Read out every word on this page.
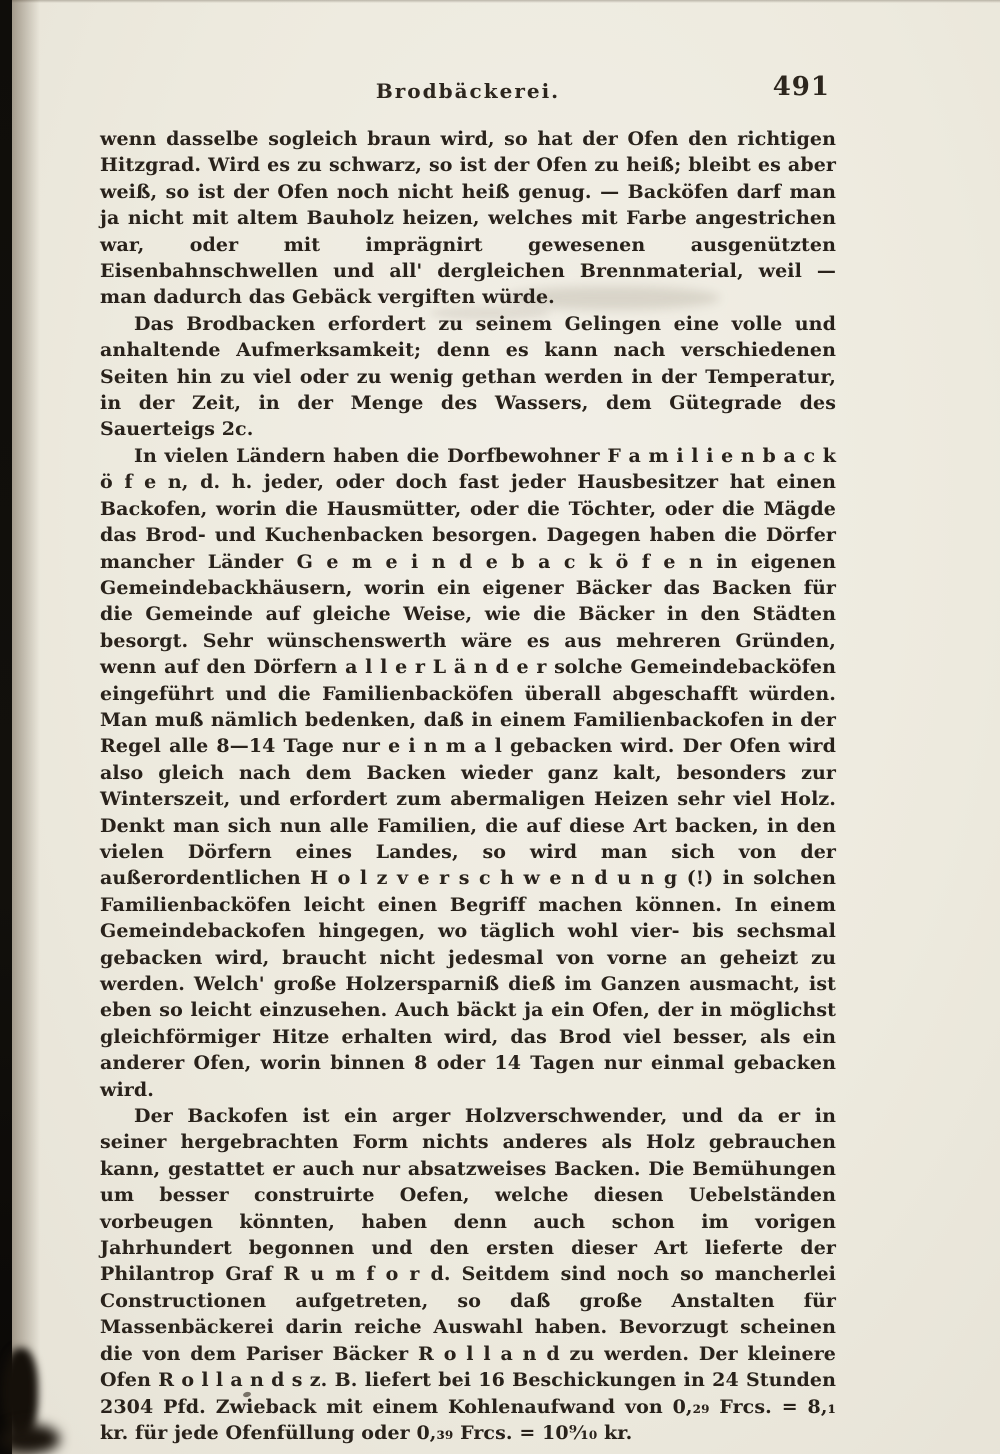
Brodbäckerei.	491

wenn dasselbe sogleich braun wird, so hat der Ofen den richtigen Hitzgrad. Wird es zu schwarz, so ist der Ofen zu heiß; bleibt es aber weiß, so ist der Ofen noch nicht heiß genug. — Backöfen darf man ja nicht mit altem Bauholz heizen, welches mit Farbe angestrichen war, oder mit imprägnirt gewesenen ausgenützten Eisenbahnschwellen und all' dergleichen Brennmaterial, weil — man dadurch das Gebäck vergiften würde.

Das Brodbacken erfordert zu seinem Gelingen eine volle und anhaltende Aufmerksamkeit; denn es kann nach verschiedenen Seiten hin zu viel oder zu wenig gethan werden in der Temperatur, in der Zeit, in der Menge des Wassers, dem Gütegrade des Sauerteigs 2c.

In vielen Ländern haben die Dorfbewohner F a m i l i e n b a c k ö f e n, d. h. jeder, oder doch fast jeder Hausbesitzer hat einen Backofen, worin die Hausmütter, oder die Töchter, oder die Mägde das Brod- und Kuchenbacken besorgen. Dagegen haben die Dörfer mancher Länder G e m e i n d e b a c k ö f e n in eigenen Gemeindebackhäusern, worin ein eigener Bäcker das Backen für die Gemeinde auf gleiche Weise, wie die Bäcker in den Städten besorgt. Sehr wünschenswerth wäre es aus mehreren Gründen, wenn auf den Dörfern a l l e r L ä n d e r solche Gemeindebacköfen eingeführt und die Familienbacköfen überall abgeschafft würden. Man muß nämlich bedenken, daß in einem Familienbackofen in der Regel alle 8—14 Tage nur e i n m a l gebacken wird. Der Ofen wird also gleich nach dem Backen wieder ganz kalt, besonders zur Winterszeit, und erfordert zum abermaligen Heizen sehr viel Holz. Denkt man sich nun alle Familien, die auf diese Art backen, in den vielen Dörfern eines Landes, so wird man sich von der außerordentlichen H o l z v e r s c h w e n d u n g (!) in solchen Familienbacköfen leicht einen Begriff machen können. In einem Gemeindebackofen hingegen, wo täglich wohl vier- bis sechsmal gebacken wird, braucht nicht jedesmal von vorne an geheizt zu werden. Welch' große Holzersparniß dieß im Ganzen ausmacht, ist eben so leicht einzusehen. Auch bäckt ja ein Ofen, der in möglichst gleichförmiger Hitze erhalten wird, das Brod viel besser, als ein anderer Ofen, worin binnen 8 oder 14 Tagen nur einmal gebacken wird.

Der Backofen ist ein arger Holzverschwender, und da er in seiner hergebrachten Form nichts anderes als Holz gebrauchen kann, gestattet er auch nur absatzweises Backen. Die Bemühungen um besser construirte Oefen, welche diesen Uebelständen vorbeugen könnten, haben denn auch schon im vorigen Jahrhundert begonnen und den ersten dieser Art lieferte der Philantrop Graf R u m f o r d. Seitdem sind noch so mancherlei Constructionen aufgetreten, so daß große Anstalten für Massenbäckerei darin reiche Auswahl haben. Bevorzugt scheinen die von dem Pariser Bäcker R o l l a n d zu werden. Der kleinere Ofen R o l l a n d s z. B. liefert bei 16 Beschickungen in 24 Stunden 2304 Pfd. Zwieback mit einem Kohlenaufwand von 0,₂₉ Frcs. = 8,₁ kr. für jede Ofenfüllung oder 0,₃₉ Frcs. = 10⁹⁄₁₀ kr.
